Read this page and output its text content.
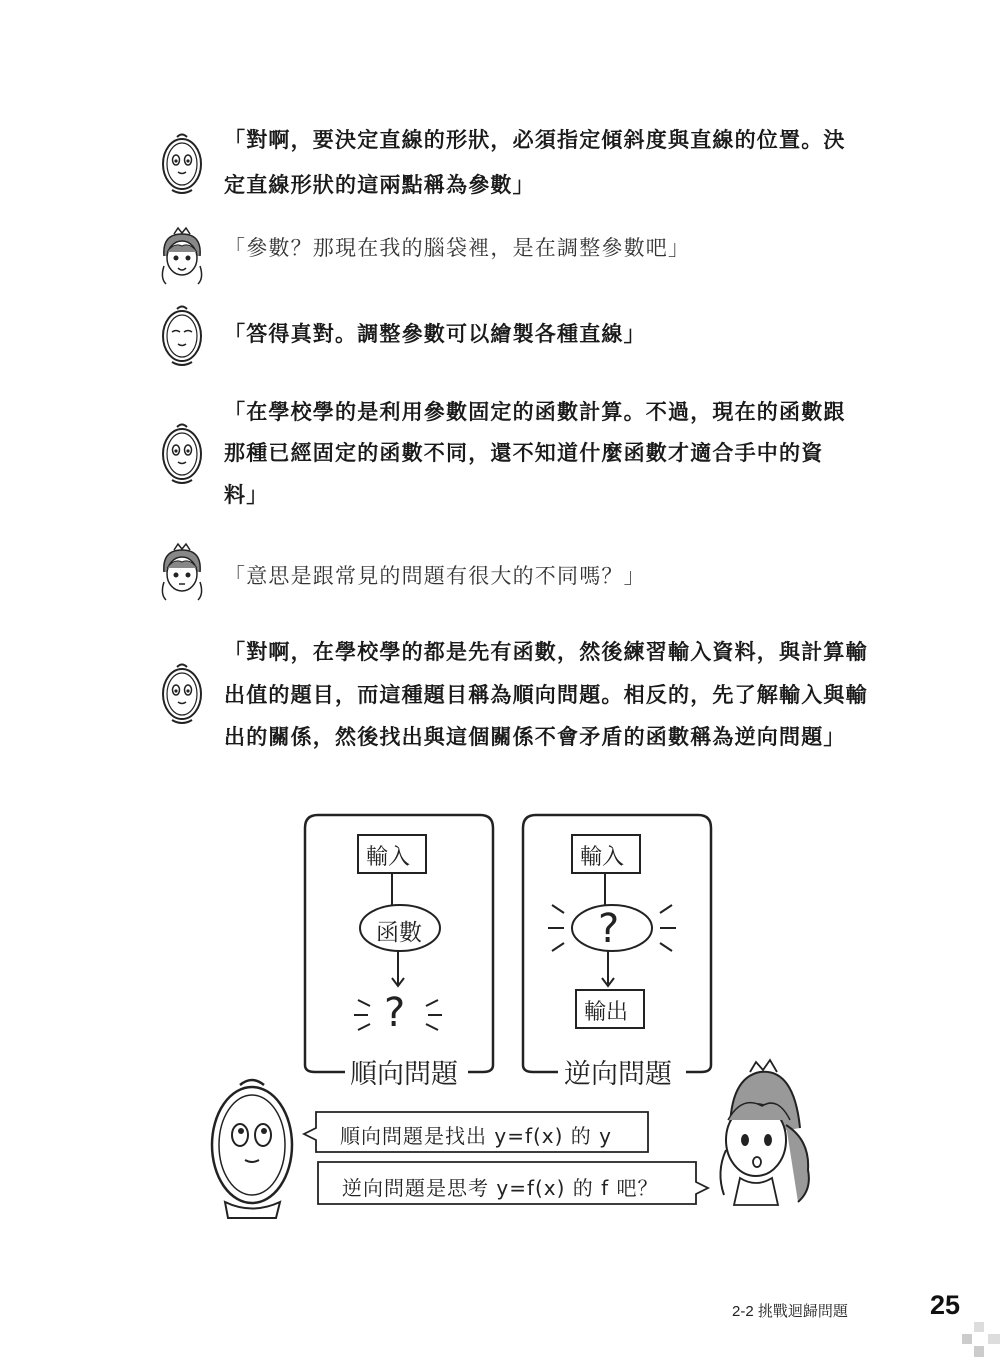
「對啊，要決定直線的形狀，必須指定傾斜度與直線的位置。決
定直線形狀的這兩點稱為參數」
「參數？那現在我的腦袋裡，是在調整參數吧」
「答得真對。調整參數可以繪製各種直線」
「在學校學的是利用參數固定的函數計算。不過，現在的函數跟
那種已經固定的函數不同，還不知道什麼函數才適合手中的資
料」
「意思是跟常見的問題有很大的不同嗎？」
「對啊，在學校學的都是先有函數，然後練習輸入資料，與計算輸
出值的題目，而這種題目稱為順向問題。相反的，先了解輸入與輸
出的關係，然後找出與這個關係不會矛盾的函數稱為逆向問題」
輸入
函數
?
順向問題
輸入
?
輸出
逆向問題
順向問題是找出 y=f(x) 的 y
逆向問題是思考 y=f(x) 的 f 吧？
2-2 挑戰迴歸問題	25
